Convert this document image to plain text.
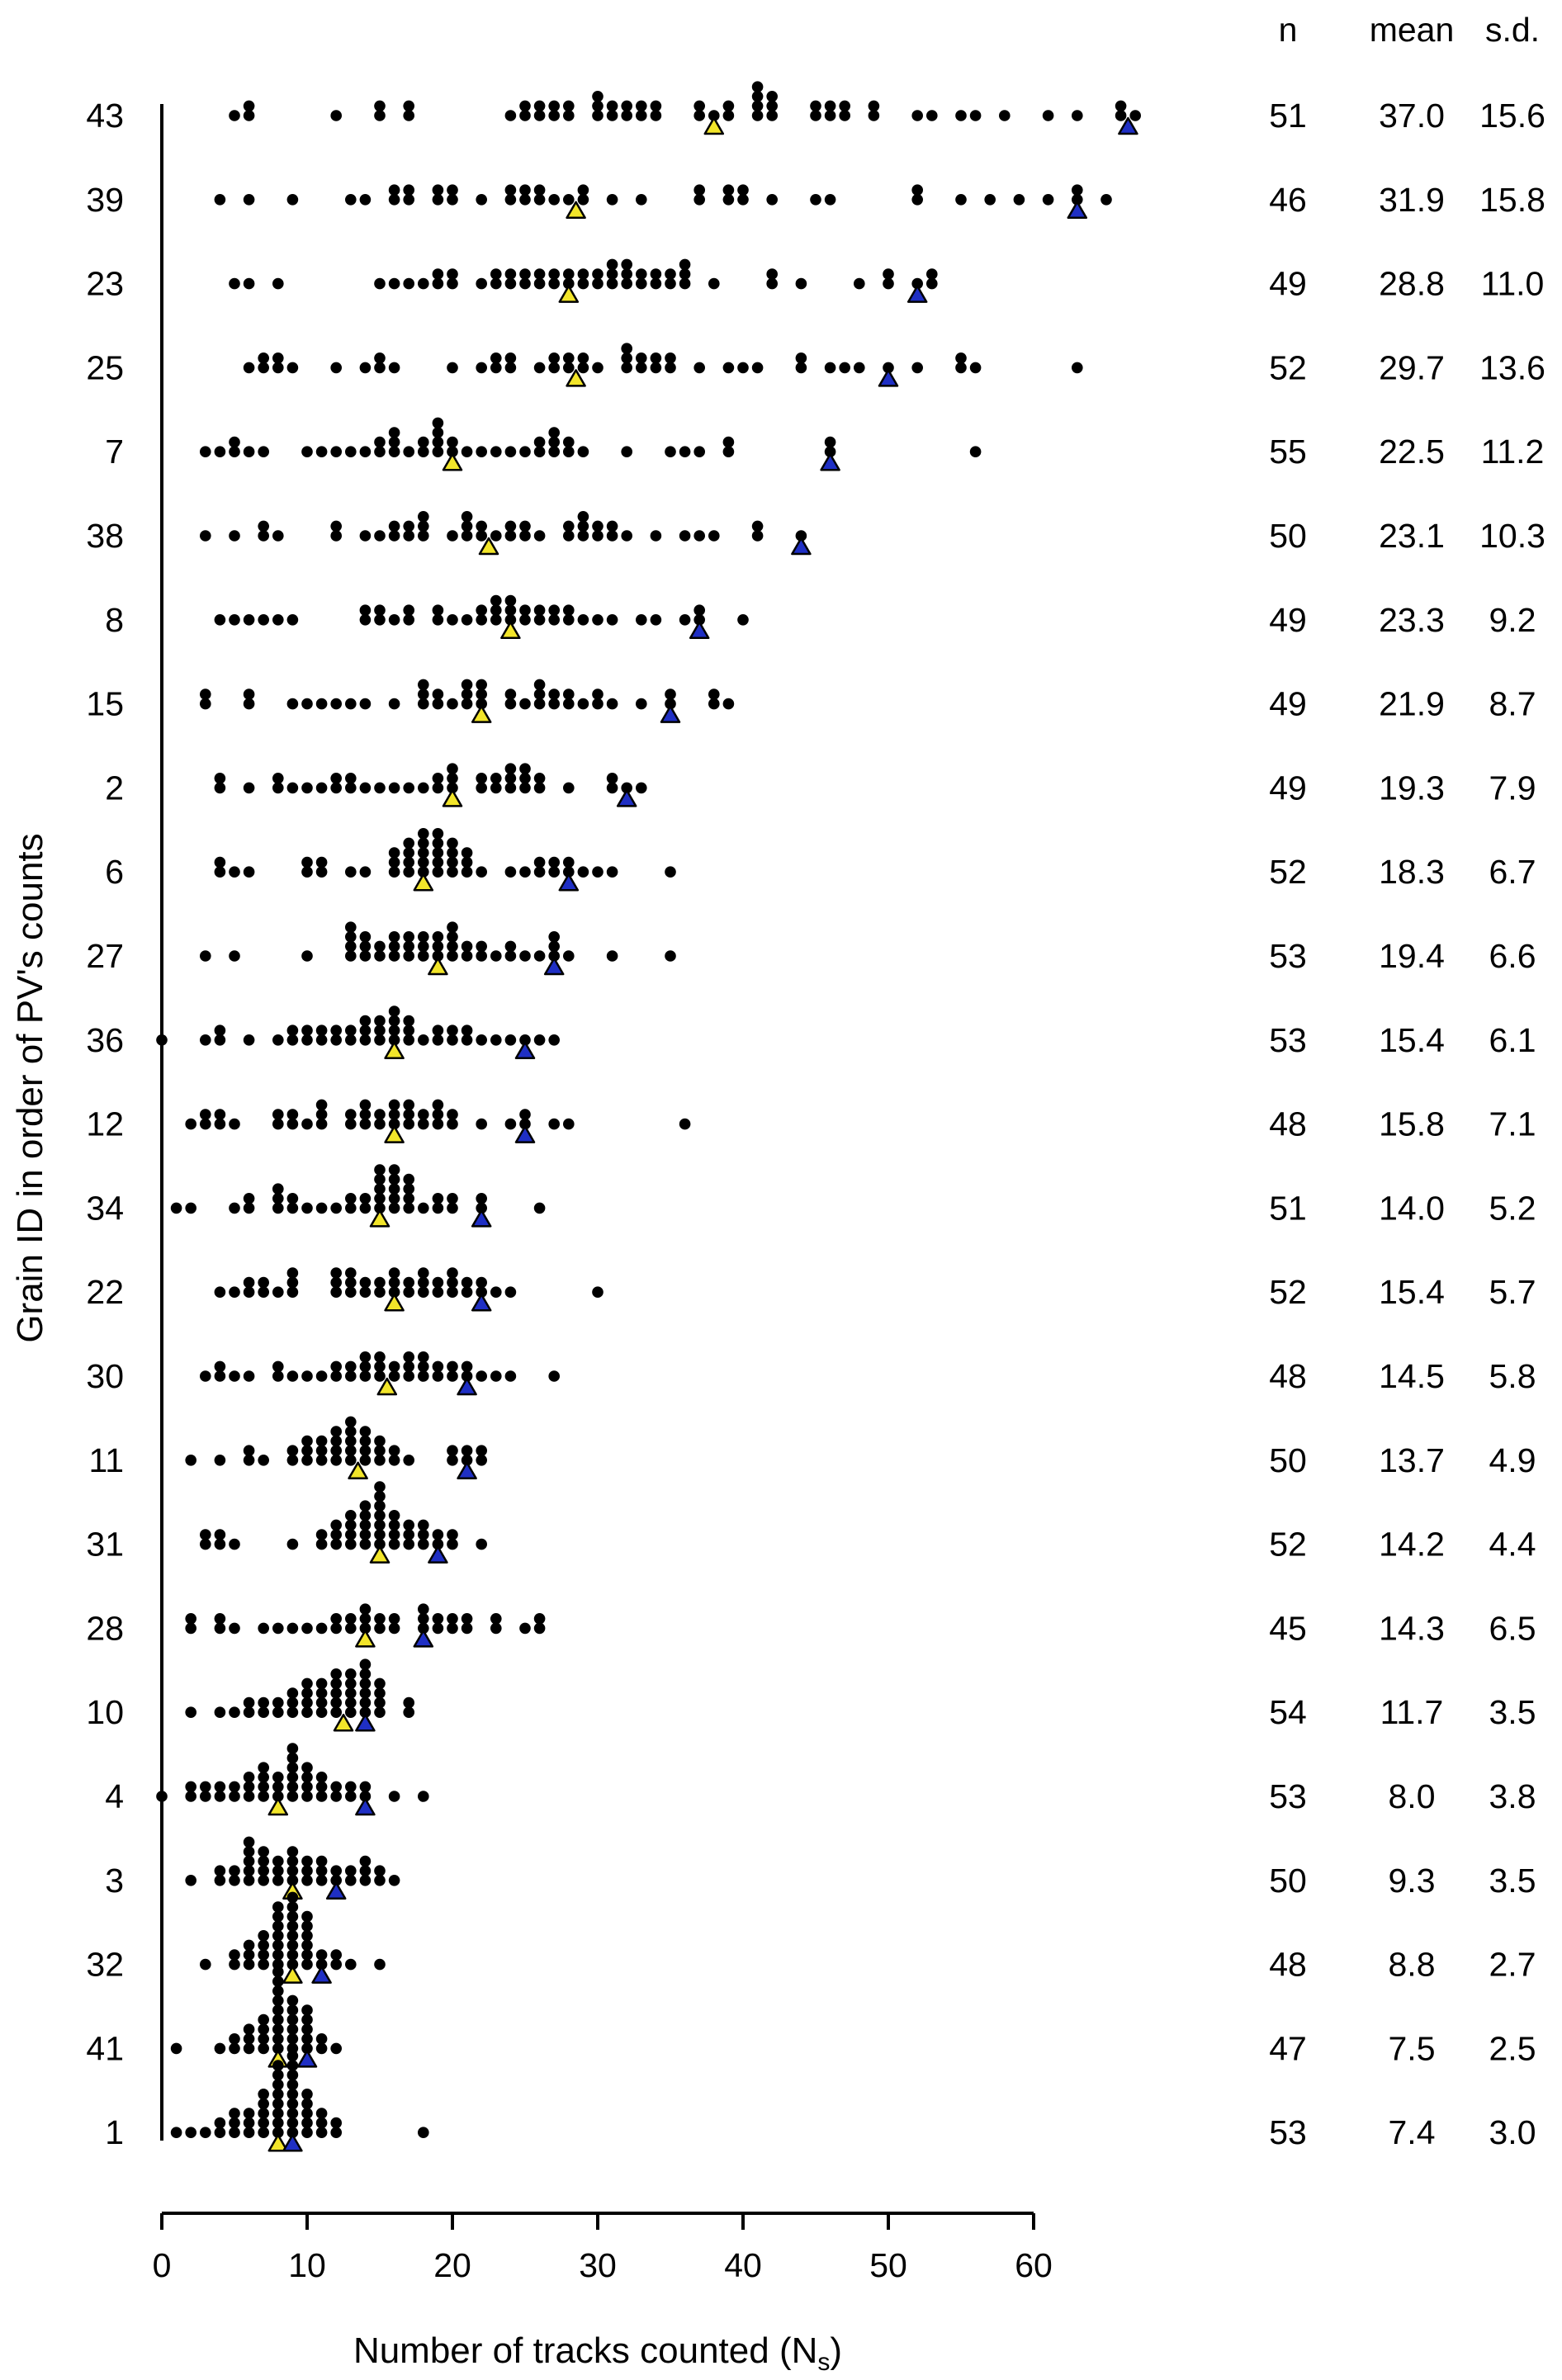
n mean s.d.
43	51 37.0 15.6
39	46 31.9 15.8
23	49 28.8 11.0
25	52 29.7 13.6
7	55 22.5 11.2
38	50 23.1 10.3
8	49 23.3 9.2
15	49 21.9 8.7
2	49 19.3 7.9
6	52 18.3 6.7
27	53 19.4 6.6
36	53 15.4 6.1
12	48 15.8 7.1
34	51 14.0 5.2
22	52 15.4 5.7
30	48 14.5 5.8
11	50 13.7 4.9
31	52 14.2 4.4
28	45 14.3 6.5
10	54 11.7 3.5
4	53 8.0 3.8
3	50 9.3 3.5
32	48 8.8 2.7
41	47 7.5 2.5
1	53 7.4 3.0
0	10	20	30	40	50	60
Number of tracks counted $(N_s)$
Grain ID in order of PV's counts
